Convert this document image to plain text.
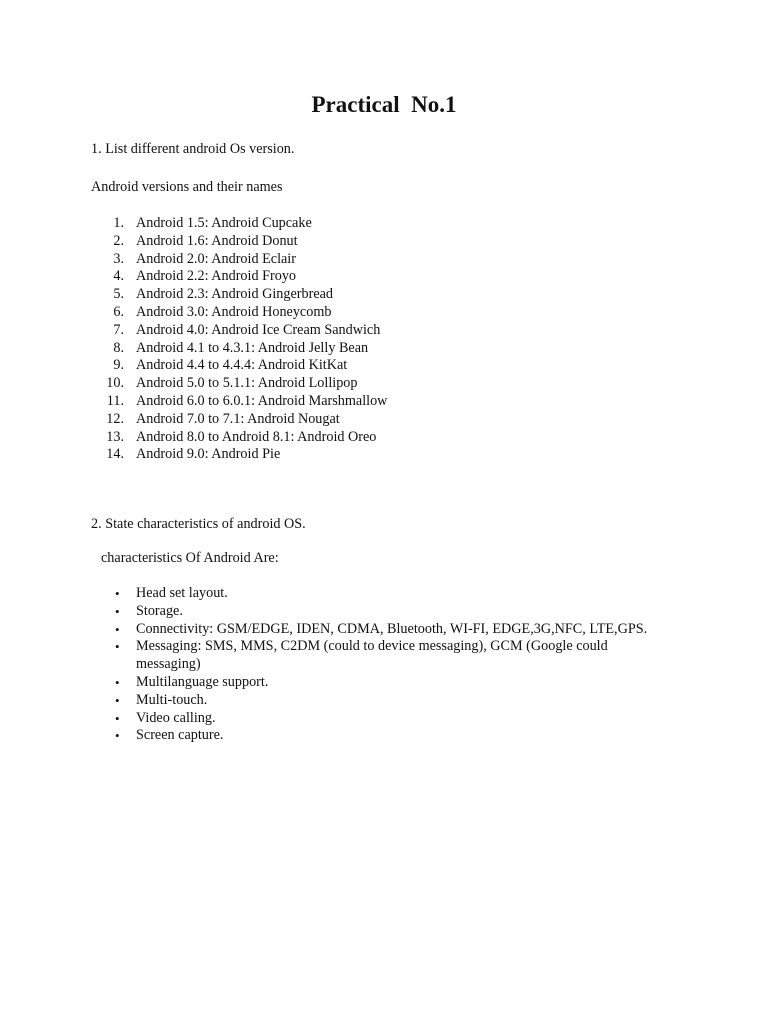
Practical  No.1

1. List different android Os version.

Android versions and their names

1. Android 1.5: Android Cupcake
2. Android 1.6: Android Donut
3. Android 2.0: Android Eclair
4. Android 2.2: Android Froyo
5. Android 2.3: Android Gingerbread
6. Android 3.0: Android Honeycomb
7. Android 4.0: Android Ice Cream Sandwich
8. Android 4.1 to 4.3.1: Android Jelly Bean
9. Android 4.4 to 4.4.4: Android KitKat
10. Android 5.0 to 5.1.1: Android Lollipop
11. Android 6.0 to 6.0.1: Android Marshmallow
12. Android 7.0 to 7.1: Android Nougat
13. Android 8.0 to Android 8.1: Android Oreo
14. Android 9.0: Android Pie

2. State characteristics of android OS.

characteristics Of Android Are:

• Head set layout.
• Storage.
• Connectivity: GSM/EDGE, IDEN, CDMA, Bluetooth, WI-FI, EDGE,3G,NFC, LTE,GPS.
• Messaging: SMS, MMS, C2DM (could to device messaging), GCM (Google could messaging)
• Multilanguage support.
• Multi-touch.
• Video calling.
• Screen capture.
